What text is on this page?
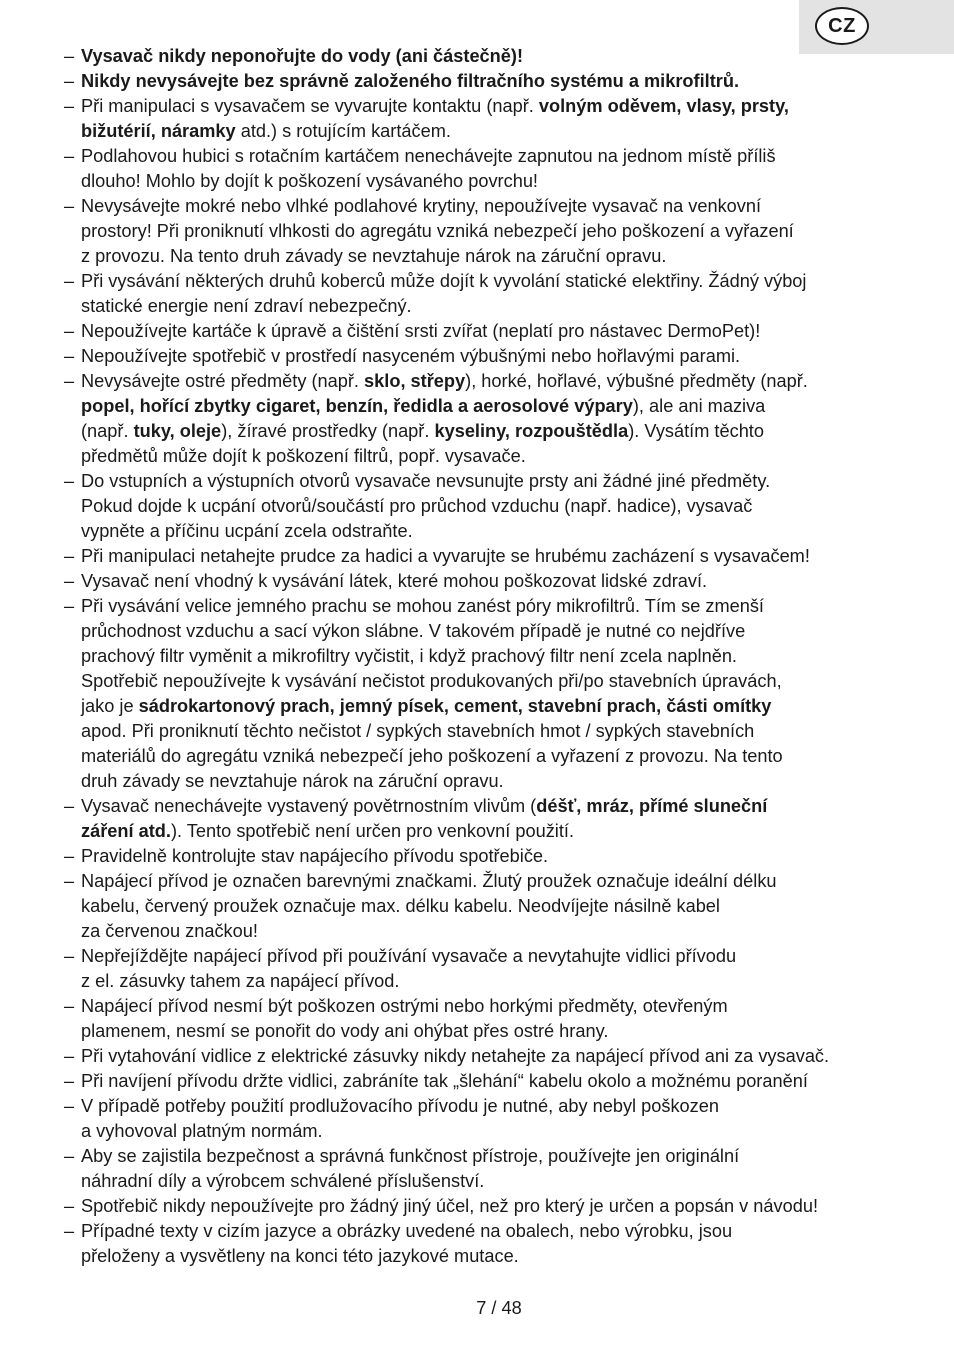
CZ

– Vysavač nikdy neponořujte do vody (ani částečně)!

– Nikdy nevysávejte bez správně založeného filtračního systému a mikrofiltrů.

– Při manipulaci s vysavačem se vyvarujte kontaktu (např. volným oděvem, vlasy, prsty,
bižutérií, náramky atd.) s rotujícím kartáčem.

– Podlahovou hubici s rotačním kartáčem nenechávejte zapnutou na jednom místě příliš
dlouho! Mohlo by dojít k poškození vysávaného povrchu!

– Nevysávejte mokré nebo vlhké podlahové krytiny, nepoužívejte vysavač na venkovní
prostory! Při proniknutí vlhkosti do agregátu vzniká nebezpečí jeho poškození a vyřazení
z provozu. Na tento druh závady se nevztahuje nárok na záruční opravu.

– Při vysávání některých druhů koberců může dojít k vyvolání statické elektřiny. Žádný výboj
statické energie není zdraví nebezpečný.

– Nepoužívejte kartáče k úpravě a čištění srsti zvířat (neplatí pro nástavec DermoPet)!

– Nepoužívejte spotřebič v prostředí nasyceném výbušnými nebo hořlavými parami.

– Nevysávejte ostré předměty (např. sklo, střepy), horké, hořlavé, výbušné předměty (např.
popel, hořící zbytky cigaret, benzín, ředidla a aerosolové výpary), ale ani maziva
(např. tuky, oleje), žíravé prostředky (např. kyseliny, rozpouštědla). Vysátím těchto
předmětů může dojít k poškození filtrů, popř. vysavače.

– Do vstupních a výstupních otvorů vysavače nevsunujte prsty ani žádné jiné předměty.
Pokud dojde k ucpání otvorů/součástí pro průchod vzduchu (např. hadice), vysavač
vypněte a příčinu ucpání zcela odstraňte.

– Při manipulaci netahejte prudce za hadici a vyvarujte se hrubému zacházení s vysavačem!

– Vysavač není vhodný k vysávání látek, které mohou poškozovat lidské zdraví.

– Při vysávání velice jemného prachu se mohou zanést póry mikrofiltrů. Tím se zmenší
průchodnost vzduchu a sací výkon slábne. V takovém případě je nutné co nejdříve
prachový filtr vyměnit a mikrofiltry vyčistit, i když prachový filtr není zcela naplněn.
Spotřebič nepoužívejte k vysávání nečistot produkovaných při/po stavebních úpravách,
jako je sádrokartonový prach, jemný písek, cement, stavební prach, části omítky
apod. Při proniknutí těchto nečistot / sypkých stavebních hmot / sypkých stavebních
materiálů do agregátu vzniká nebezpečí jeho poškození a vyřazení z provozu. Na tento
druh závady se nevztahuje nárok na záruční opravu.

– Vysavač nenechávejte vystavený povětrnostním vlivům (déšť, mráz, přímé sluneční
záření atd.). Tento spotřebič není určen pro venkovní použití.

– Pravidelně kontrolujte stav napájecího přívodu spotřebiče.

– Napájecí přívod je označen barevnými značkami. Žlutý proužek označuje ideální délku
kabelu, červený proužek označuje max. délku kabelu. Neodvíjejte násilně kabel
za červenou značkou!

– Nepřejíždějte napájecí přívod při používání vysavače a nevytahujte vidlici přívodu
z el. zásuvky tahem za napájecí přívod.

– Napájecí přívod nesmí být poškozen ostrými nebo horkými předměty, otevřeným
plamenem, nesmí se ponořit do vody ani ohýbat přes ostré hrany.

– Při vytahování vidlice z elektrické zásuvky nikdy netahejte za napájecí přívod ani za vysavač.

– Při navíjení přívodu držte vidlici, zabráníte tak „šlehání“ kabelu okolo a možnému poranění

– V případě potřeby použití prodlužovacího přívodu je nutné, aby nebyl poškozen
a vyhovoval platným normám.

– Aby se zajistila bezpečnost a správná funkčnost přístroje, používejte jen originální
náhradní díly a výrobcem schválené příslušenství.

– Spotřebič nikdy nepoužívejte pro žádný jiný účel, než pro který je určen a popsán v návodu!

– Případné texty v cizím jazyce a obrázky uvedené na obalech, nebo výrobku, jsou
přeloženy a vysvětleny na konci této jazykové mutace.

7 / 48
